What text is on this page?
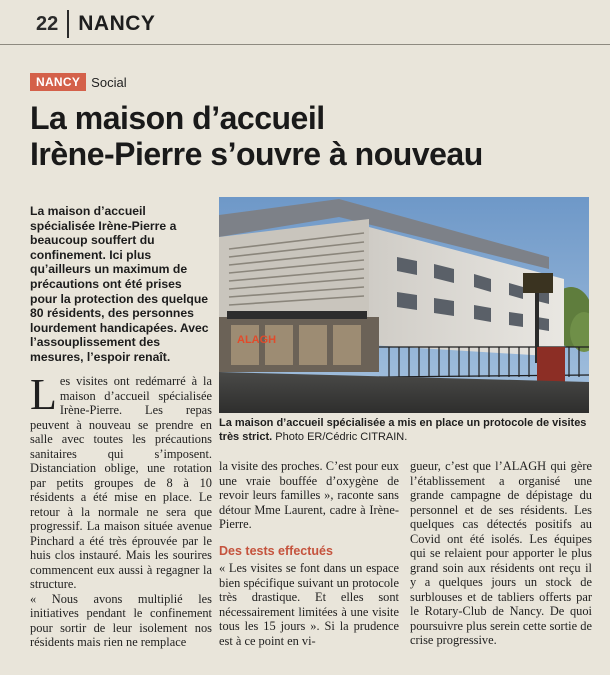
22 NANCY
NANCY Social
La maison d’accueil
Irène-Pierre s’ouvre à nouveau
La maison d’accueil spécialisée Irène-Pierre a beaucoup souffert du confinement. Ici plus qu’ailleurs un maximum de précautions ont été prises pour la protection des quelque 80 résidents, des personnes lourdement handicapées. Avec l’assouplissement des mesures, l’espoir renaît.
ALAGH
La maison d’accueil spécialisée a mis en place un protocole de visites très strict. Photo ER/Cédric CITRAIN.

Les visites ont redémarré à la maison d’accueil spécialisée Irène-Pierre. Les repas peuvent à nouveau se prendre en salle avec toutes les précautions sanitaires qui s’imposent. Distanciation oblige, une rotation par petits groupes de 8 à 10 résidents a été mise en place. Le retour à la normale ne sera que progressif. La maison située avenue Pinchard a été très éprouvée par le huis clos instauré. Mais les sourires commencent eux aussi à regagner la structure.

« Nous avons multiplié les initiatives pendant le confinement pour sortir de leur isolement nos résidents mais rien ne remplace

la visite des proches. C’est pour eux une vraie bouffée d’oxygène de revoir leurs familles », raconte sans détour Mme Laurent, cadre à Irène-Pierre.

Des tests effectués

« Les visites se font dans un espace bien spécifique suivant un protocole très drastique. Et elles sont nécessairement limitées à une visite tous les 15 jours ». Si la prudence est à ce point en vi-

gueur, c’est que l’ALAGH qui gère l’établissement a organisé une grande campagne de dépistage du personnel et de ses résidents. Les quelques cas détectés positifs au Covid ont été isolés. Les équipes qui se relaient pour apporter le plus grand soin aux résidents ont reçu il y a quelques jours un stock de surblouses et de tabliers offerts par le Rotary-Club de Nancy. De quoi poursuivre plus serein cette sortie de crise progressive.
